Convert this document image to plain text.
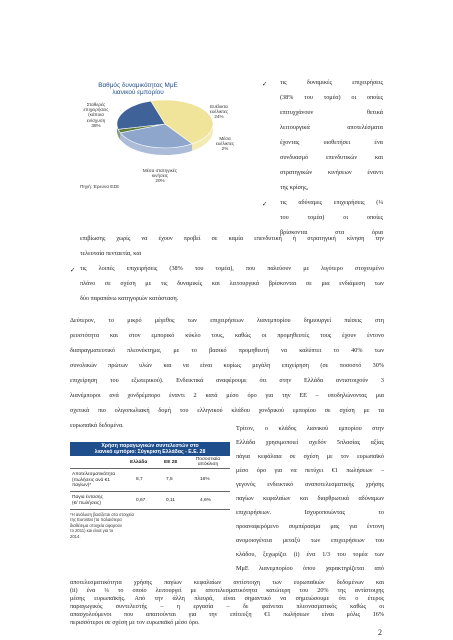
Βαθμός δυναμικότητας ΜμΕ
λιανικού εμπορίου
Σταθερές
επιχειρήσεις
(κάποια
ενίσχυση
38%
Ευέλικτα
ευέλικτες
24%
Μέσα
ευέλικτες
2%
Μέσα στατηγικές
κινήσεις
20%
Πηγή: Έρευνα ΕΣΕ
✓ τις δυναμικές επιχειρήσεις
(38% του τομέα) οι οποίες
επιτυχχάνουν θετικά
λειτουργικά αποτελέσματα
έχοντας υιοθετήσει ένα
συνδυασμό επενδυτικών και
στρατηγικών κινήσεων έναντι
της κρίσης,
✓ τις αδύναμες επιχειρήσεις (¼
του τομέα) οι οποίες
βρίσκονται στα όρια
επιβίωσης χωρίς να έχουν προβεί σε καμία επενδυτική ή στρατηγική κίνηση την
τελευταία πενταετία, και
✓ τις λοιπές επιχειρήσεις (38% του τομέα), που παλεύουν με λιγότερο στοχευμένο
πλάνο σε σχέση με τις δυναμικές και λειτουργικά βρίσκονται σε μια ενδιάμεση των
δύο παραπάνω κατηγοριών κατάσταση.
Δεύτερον, το μικρό μέγεθος των επιχειρήσεων λιανεμπορίου δημιουργεί πιέσεις στη
ρευστότητα και στον εμπορικό κύκλο τους, καθώς οι προμηθευτές τους έχουν έντονο
διαπραγματευτικό πλεονέκτημα, με το βασικό προμηθευτή να καλύπτει το 40% των
συνολικών πρώτων υλών και να είναι κυρίως μεγάλη επιχείρηση (σε ποσοστό 30%
επιχείρηση του εξωτερικού). Ενδεικτικά αναφέρουμε ότι στην Ελλάδα αντιστοιχούν 3
λιανέμποροι ανά χονδρέμπορο έναντι 2 κατά μέσο όρο για την ΕΕ – υποδηλώνοντας μια
σχετικά πιο ολιγοπωλιακή δομή του ελληνικού κλάδου χονδρικού εμπορίου σε σχέση με τα
ευρωπαϊκά δεδομένα.
Χρήση παραγωγικών συντελεστών στο
λιανικό εμπόριο: Σύγκριση Ελλάδας - Ε.Ε. 28
Ελλάδα	ΕΕ 28
Ποσοστιαία απόκλιση
Αποτελεσματικότητα
(πωλήσεις ανά €1
παγίων)*
8,7	7,5	16%
Παγια έντασης
(€/ πωλήσεις)
0,67	0,11	4,6%
*Η ανάλυση βασίζεται στα στοιχεία
της Eurostat (τα παλαιότερα
διαθέσιμα στοιχεία αφορούν
το 2011) και είναι για το
2014.
Τρίτον, ο κλάδος λιανικού εμπορίου στην
Ελλάδα χρησιμοποιεί σχεδόν 5πλασίας αξίας
πάγια κεφάλαια σε σχέση με τον ευρωπαϊκό
μέσο όρο για να πετύχει €1 πωλήσεων –
γεγονός ενδεικτικό αναποτελεσματικής χρήσης
παγίων κεφαλαίων και διαρθρωτικά αδύναμων
επιχειρήσεων. Ισχυροποιώντας το
προαναφερόμενο συμπέρασμα μας για έντονη
ανομοιογένεια μεταξύ των επιχειρήσεων του
κλάδου, ξεχωρίζει (i) ένα 1/3 του τομέα των
ΜμΕ λιανεμπορίου όπου χαρακτηρίζεται από
αποτελεσματικότητα χρήσης παγίων κεφαλαίων αντίστοιχη των ευρωπαϊκών δεδομένων και
(ii) ένα ¼ το οποίο λειτουργεί με αποτελεσματικότητα κατώτερη του 20% της αντίστοιχης
μέσης ευρωπαϊκής. Από την άλλη πλευρά, είναι σημαντικό να σημειώσουμε ότι ο έτερος
παραγωγικός συντελεστής – η εργασία – δε φαίνεται πλεονασματικός καθώς οι
απασχολούμενοι που απαιτούνται για την επίτευξη €1 πωλήσεων είναι μόλις 16%
περισσότεροι σε σχέση με τον ευρωπαϊκό μέσο όρο.
2
